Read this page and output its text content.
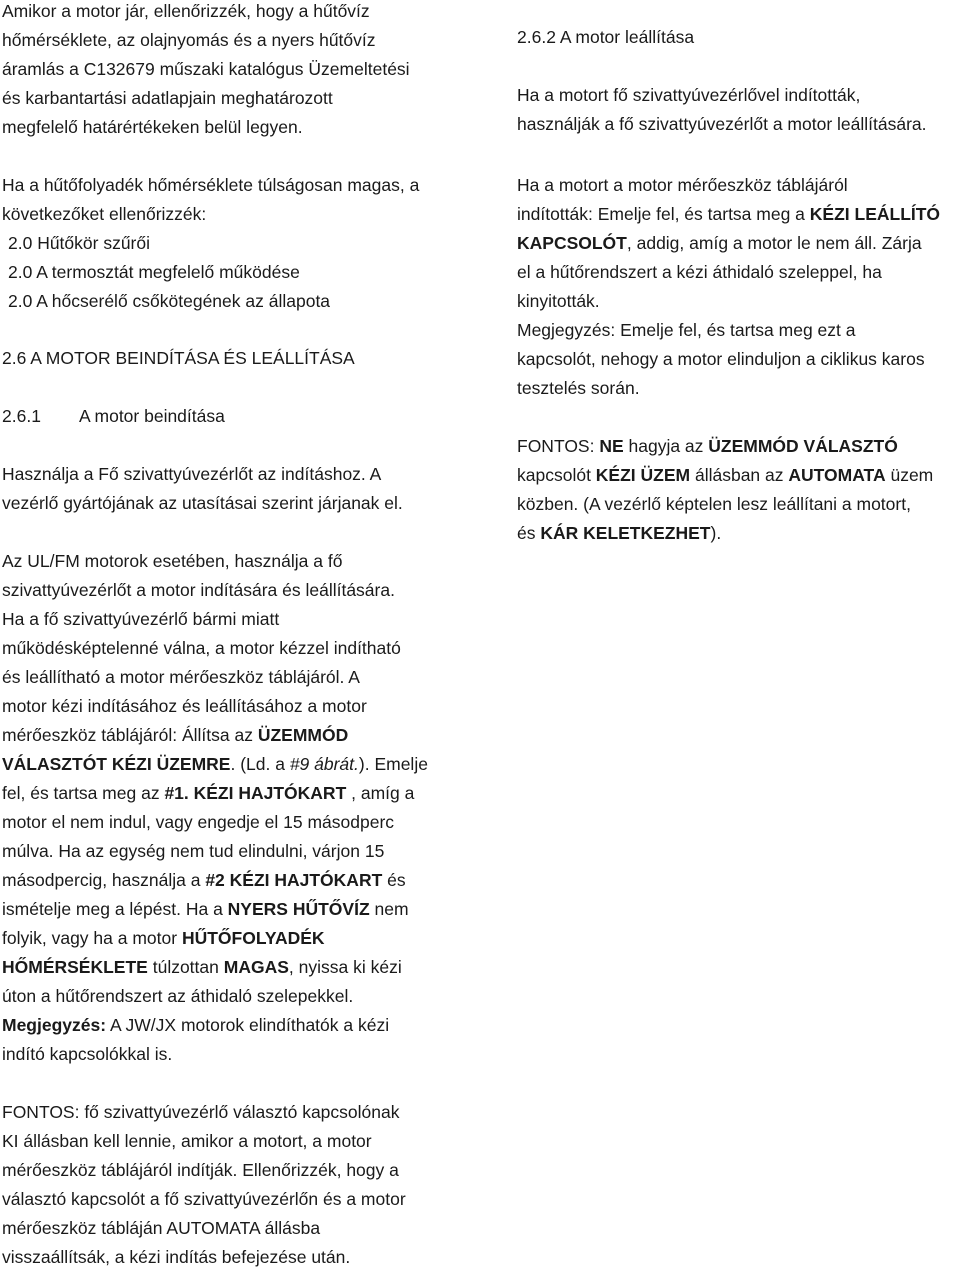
Amikor a motor jár, ellenőrizzék, hogy a hűtővíz
hőmérséklete, az olajnyomás és a nyers hűtővíz
áramlás a C132679 műszaki katalógus Üzemeltetési
és karbantartási adatlapjain meghatározott
megfelelő határértékeken belül legyen.
Ha a hűtőfolyadék hőmérséklete túlságosan magas, a
következőket ellenőrizzék:
2.0 Hűtőkör szűrői
2.0 A termosztát megfelelő működése
2.0 A hőcserélő csőkötegének az állapota
2.6 A MOTOR BEINDÍTÁSA ÉS LEÁLLÍTÁSA
2.6.1 A motor beindítása
Használja a Fő szivattyúvezérlőt az indításhoz. A
vezérlő gyártójának az utasításai szerint járjanak el.
Az UL/FM motorok esetében, használja a fő
szivattyúvezérlőt a motor indítására és leállítására.
Ha a fő szivattyúvezérlő bármi miatt
működésképtelenné válna, a motor kézzel indítható
és leállítható a motor mérőeszköz táblájáról. A
motor kézi indításához és leállításához a motor
mérőeszköz táblájáról: Állítsa az ÜZEMMÓD
VÁLASZTÓT KÉZI ÜZEMRE. (Ld. a #9 ábrát.). Emelje
fel, és tartsa meg az #1. KÉZI HAJTÓKART , amíg a
motor el nem indul, vagy engedje el 15 másodperc
múlva. Ha az egység nem tud elindulni, várjon 15
másodpercig, használja a #2 KÉZI HAJTÓKART és
ismételje meg a lépést. Ha a NYERS HŰTŐVÍZ nem
folyik, vagy ha a motor HŰTŐFOLYADÉK
HŐMÉRSÉKLETE túlzottan MAGAS, nyissa ki kézi
úton a hűtőrendszert az áthidaló szelepekkel.
Megjegyzés: A JW/JX motorok elindíthatók a kézi
indító kapcsolókkal is.
FONTOS: fő szivattyúvezérlő választó kapcsolónak
KI állásban kell lennie, amikor a motort, a motor
mérőeszköz táblájáról indítják. Ellenőrizzék, hogy a
választó kapcsolót a fő szivattyúvezérlőn és a motor
mérőeszköz tábláján AUTOMATA állásba
visszaállítsák, a kézi indítás befejezése után.
2.6.2 A motor leállítása
Ha a motort fő szivattyúvezérlővel indították,
használják a fő szivattyúvezérlőt a motor leállítására.
Ha a motort a motor mérőeszköz táblájáról
indították: Emelje fel, és tartsa meg a KÉZI LEÁLLÍTÓ
KAPCSOLÓT, addig, amíg a motor le nem áll. Zárja
el a hűtőrendszert a kézi áthidaló szeleppel, ha
kinyitották.
Megjegyzés: Emelje fel, és tartsa meg ezt a
kapcsolót, nehogy a motor elinduljon a ciklikus karos
tesztelés során.
FONTOS: NE hagyja az ÜZEMMÓD VÁLASZTÓ
kapcsolót KÉZI ÜZEM állásban az AUTOMATA üzem
közben. (A vezérlő képtelen lesz leállítani a motort,
és KÁR KELETKEZHET).
